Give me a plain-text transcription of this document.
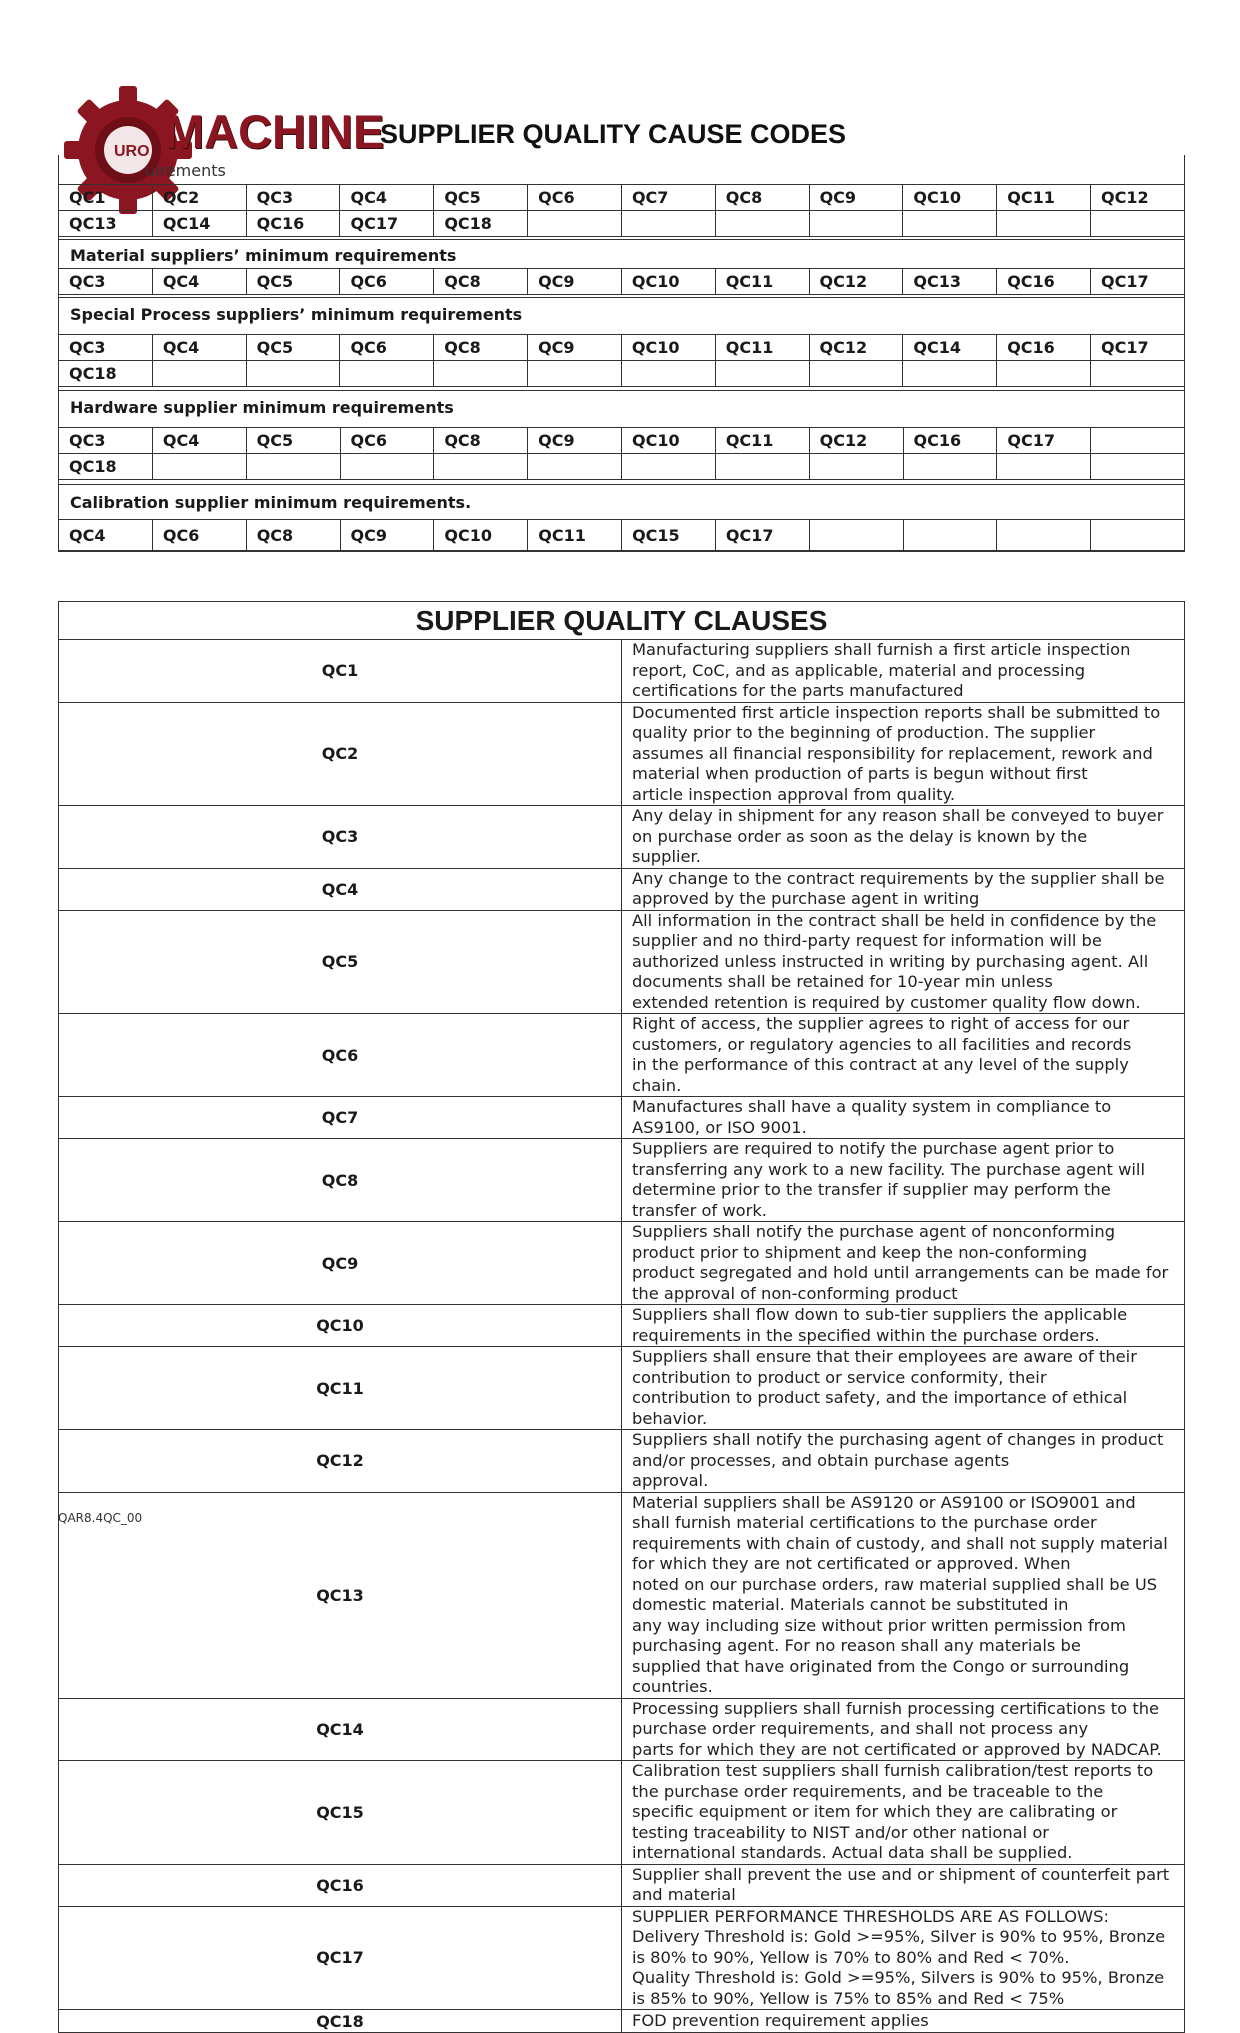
URO MACHINE
SUPPLIER QUALITY CAUSE CODES
uirements
Material suppliers’ minimum requirements
Special Process suppliers’ minimum requirements
Hardware supplier minimum requirements
Calibration supplier minimum requirements.
QC1	QC2	QC3	QC4	QC5	QC6	QC7	QC8	QC9	QC10	QC11	QC12
QC13	QC14	QC16	QC17	QC18							
QC3	QC4	QC5	QC6	QC8	QC9	QC10	QC11	QC12	QC13	QC16	QC17
QC3	QC4	QC5	QC6	QC8	QC9	QC10	QC11	QC12	QC14	QC16	QC17
QC18											
QC3	QC4	QC5	QC6	QC8	QC9	QC10	QC11	QC12	QC16	QC17	
QC18											
QC4	QC6	QC8	QC9	QC10	QC11	QC15	QC17				
SUPPLIER QUALITY CLAUSES	
QC1	Manufacturing suppliers shall furnish a first article inspection report, CoC, and as applicable, material and processing
certifications for the parts manufactured

QC2	Documented first article inspection reports shall be submitted to quality prior to the beginning of production. The supplier
assumes all financial responsibility for replacement, rework and material when production of parts is begun without first
article inspection approval from quality.

QC3	Any delay in shipment for any reason shall be conveyed to buyer on purchase order as soon as the delay is known by the
supplier.

QC4	Any change to the contract requirements by the supplier shall be approved by the purchase agent in writing

QC5	All information in the contract shall be held in confidence by the supplier and no third-party request for information will be
authorized unless instructed in writing by purchasing agent. All documents shall be retained for 10-year min unless
extended retention is required by customer quality flow down.

QC6	Right of access, the supplier agrees to right of access for our customers, or regulatory agencies to all facilities and records
in the performance of this contract at any level of the supply chain.

QC7	Manufactures shall have a quality system in compliance to AS9100, or ISO 9001.

QC8	Suppliers are required to notify the purchase agent prior to transferring any work to a new facility. The purchase agent will
determine prior to the transfer if supplier may perform the transfer of work.

QC9	Suppliers shall notify the purchase agent of nonconforming product prior to shipment and keep the non-conforming
product segregated and hold until arrangements can be made for the approval of non-conforming product

QC10	Suppliers shall flow down to sub-tier suppliers the applicable requirements in the specified within the purchase orders.

QC11	Suppliers shall ensure that their employees are aware of their contribution to product or service conformity, their
contribution to product safety, and the importance of ethical behavior.

QC12	Suppliers shall notify the purchasing agent of changes in product and/or processes, and obtain purchase agents
approval.

QC13	Material suppliers shall be AS9120 or AS9100 or ISO9001 and shall furnish material certifications to the purchase order
requirements with chain of custody, and shall not supply material for which they are not certificated or approved. When
noted on our purchase orders, raw material supplied shall be US domestic material. Materials cannot be substituted in
any way including size without prior written permission from purchasing agent. For no reason shall any materials be
supplied that have originated from the Congo or surrounding countries.

QC14	Processing suppliers shall furnish processing certifications to the purchase order requirements, and shall not process any
parts for which they are not certificated or approved by NADCAP.

QC15	Calibration test suppliers shall furnish calibration/test reports to the purchase order requirements, and be traceable to the
specific equipment or item for which they are calibrating or testing traceability to NIST and/or other national or
international standards. Actual data shall be supplied.

QC16	Supplier shall prevent the use and or shipment of counterfeit part and material

QC17	SUPPLIER PERFORMANCE THRESHOLDS ARE AS FOLLOWS:
Delivery Threshold is: Gold >=95%, Silver is 90% to 95%, Bronze is 80% to 90%, Yellow is 70% to 80% and Red < 70%.
Quality Threshold is: Gold >=95%, Silvers is 90% to 95%, Bronze is 85% to 90%, Yellow is 75% to 85% and Red < 75%

QC18	FOD prevention requirement applies
QAR8.4QC_00
